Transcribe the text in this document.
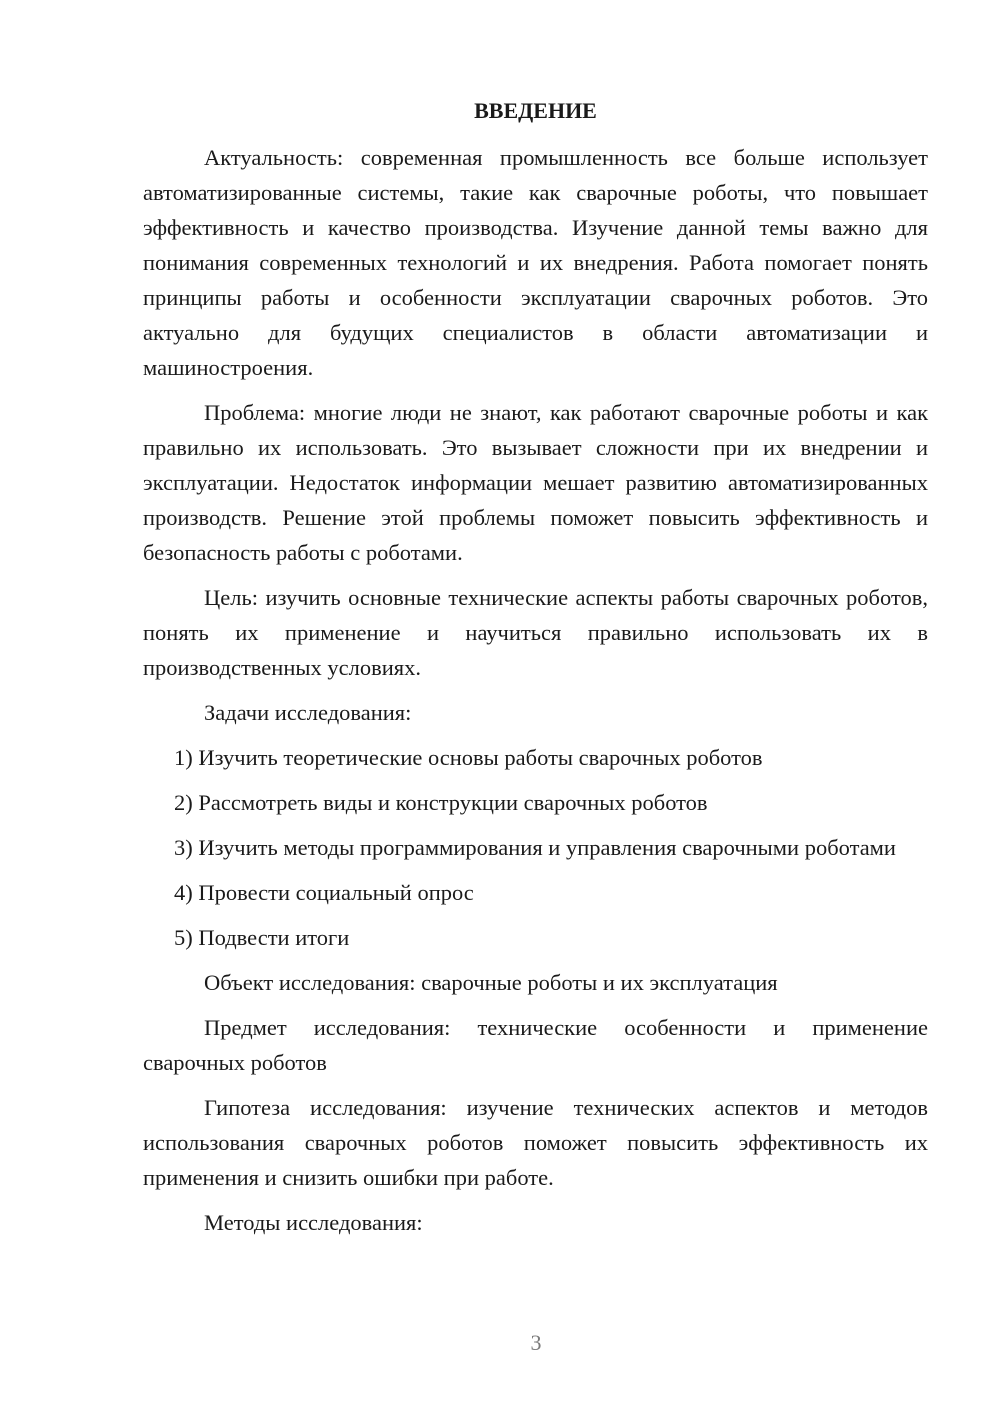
ВВЕДЕНИЕ

Актуальность: современная промышленность все больше использует автоматизированные системы, такие как сварочные роботы, что повышает эффективность и качество производства. Изучение данной темы важно для понимания современных технологий и их внедрения. Работа помогает понять принципы работы и особенности эксплуатации сварочных роботов. Это актуально для будущих специалистов в области автоматизации и машиностроения.

Проблема: многие люди не знают, как работают сварочные роботы и как правильно их использовать. Это вызывает сложности при их внедрении и эксплуатации. Недостаток информации мешает развитию автоматизированных производств. Решение этой проблемы поможет повысить эффективность и безопасность работы с роботами.

Цель: изучить основные технические аспекты работы сварочных роботов, понять их применение и научиться правильно использовать их в производственных условиях.

Задачи исследования:

1) Изучить теоретические основы работы сварочных роботов

2) Рассмотреть виды и конструкции сварочных роботов

3) Изучить методы программирования и управления сварочными роботами

4) Провести социальный опрос

5) Подвести итоги

Объект исследования: сварочные роботы и их эксплуатация

Предмет исследования: технические особенности и применение сварочных роботов

Гипотеза исследования: изучение технических аспектов и методов использования сварочных роботов поможет повысить эффективность их применения и снизить ошибки при работе.

Методы исследования:

3
